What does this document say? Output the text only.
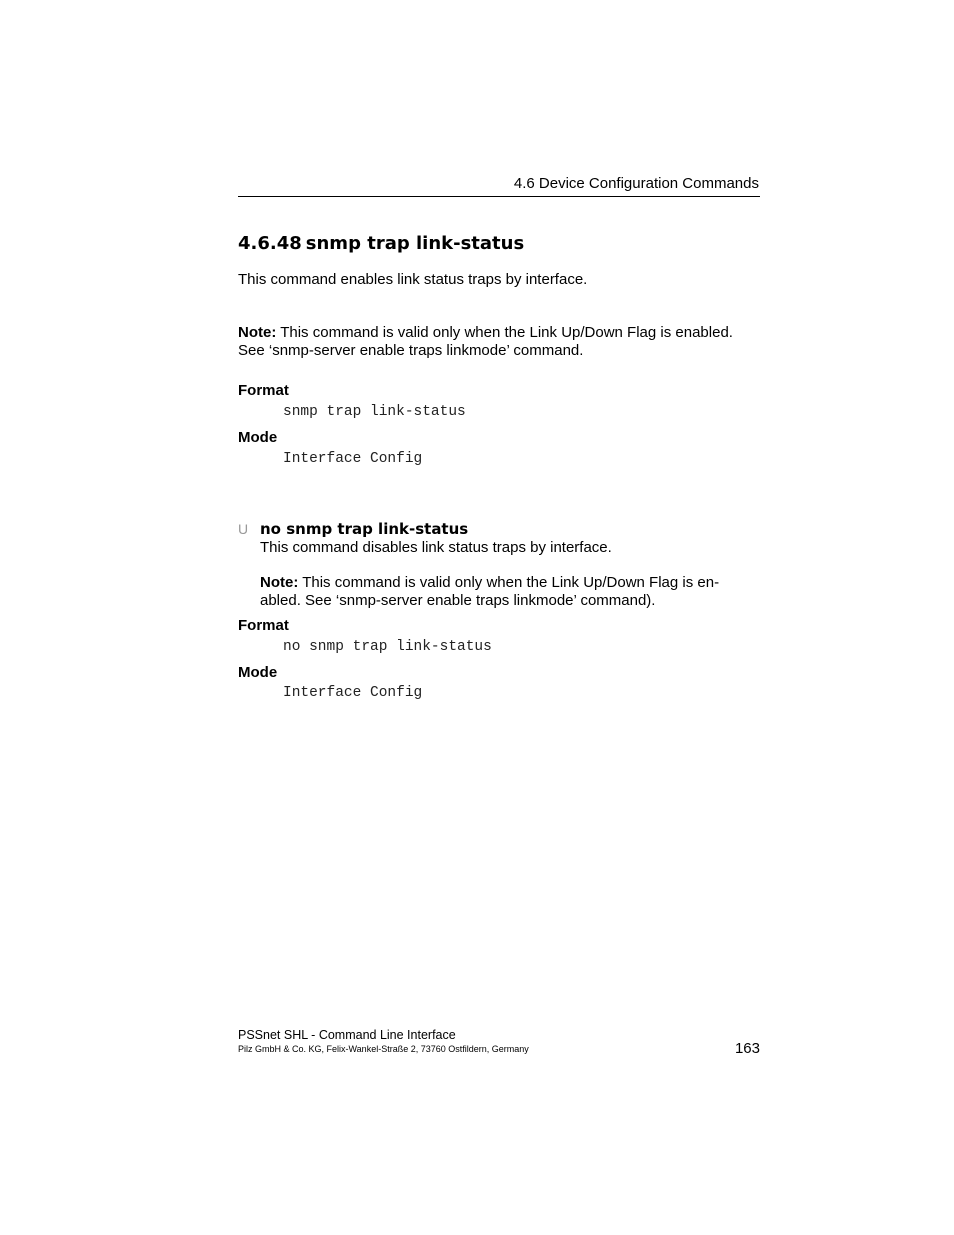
4.6 Device Configuration Commands
4.6.48 snmp trap link-status
This command enables link status traps by interface.
Note: This command is valid only when the Link Up/Down Flag is enabled.
See ‘snmp-server enable traps linkmode’ command.
Format
snmp trap link-status
Mode
Interface Config
U no snmp trap link-status
This command disables link status traps by interface.
Note: This command is valid only when the Link Up/Down Flag is en-
abled. See ‘snmp-server enable traps linkmode’ command).
Format
no snmp trap link-status
Mode
Interface Config
PSSnet SHL - Command Line Interface
Pilz GmbH & Co. KG, Felix-Wankel-Straße 2, 73760 Ostfildern, Germany	163
